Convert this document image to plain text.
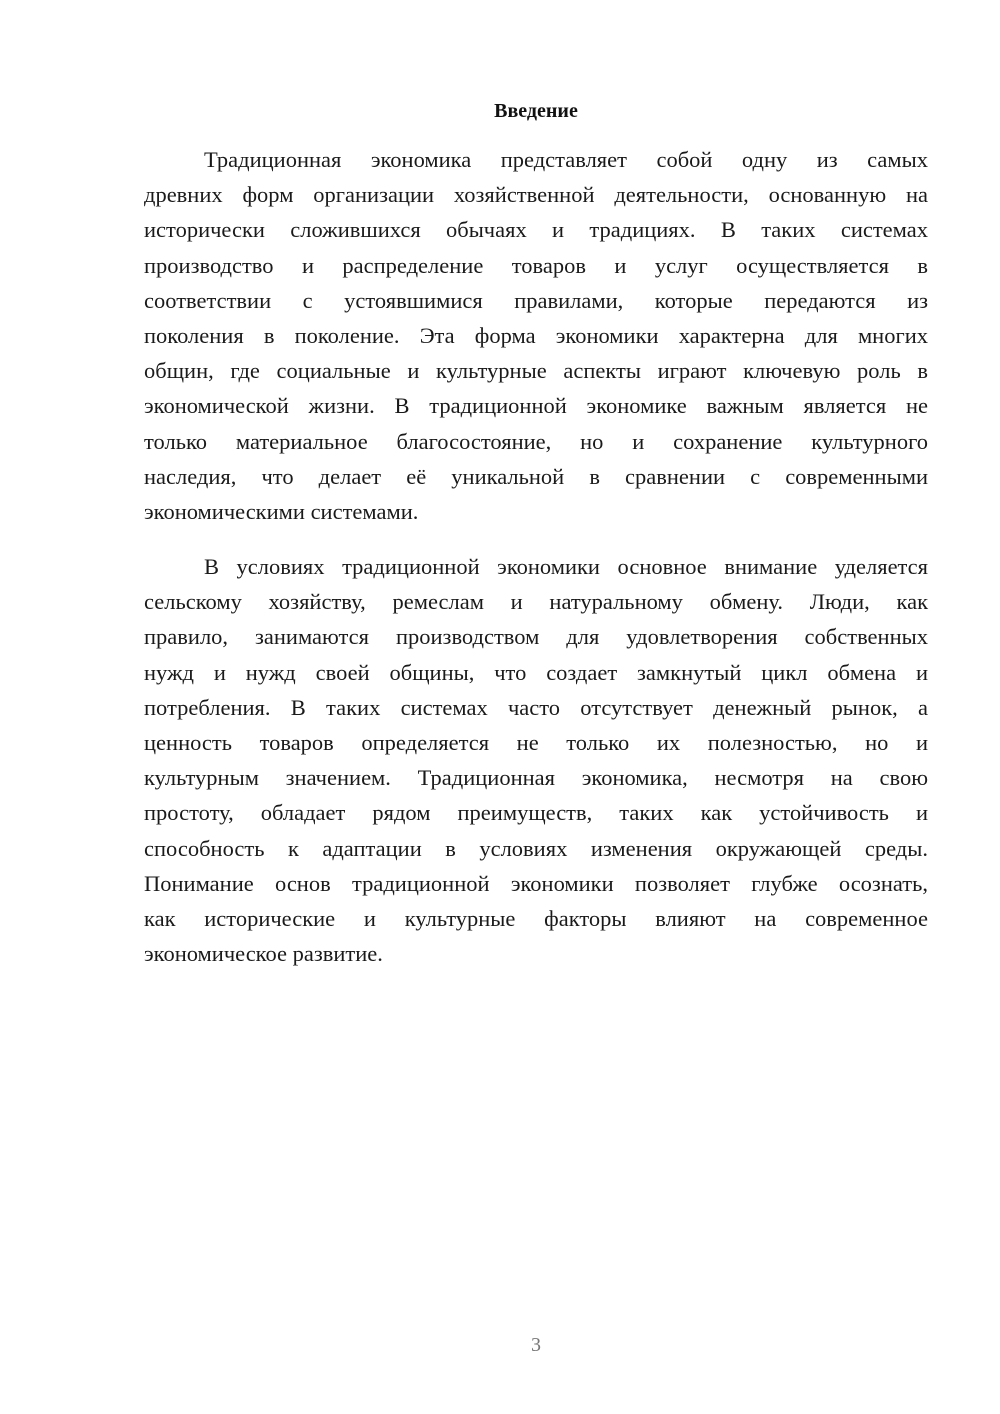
Введение
Традиционная экономика представляет собой одну из самых
древних форм организации хозяйственной деятельности, основанную на
исторически сложившихся обычаях и традициях. В таких системах
производство и распределение товаров и услуг осуществляется в
соответствии с устоявшимися правилами, которые передаются из
поколения в поколение. Эта форма экономики характерна для многих
общин, где социальные и культурные аспекты играют ключевую роль в
экономической жизни. В традиционной экономике важным является не
только материальное благосостояние, но и сохранение культурного
наследия, что делает её уникальной в сравнении с современными
экономическими системами.
В условиях традиционной экономики основное внимание уделяется
сельскому хозяйству, ремеслам и натуральному обмену. Люди, как
правило, занимаются производством для удовлетворения собственных
нужд и нужд своей общины, что создает замкнутый цикл обмена и
потребления. В таких системах часто отсутствует денежный рынок, а
ценность товаров определяется не только их полезностью, но и
культурным значением. Традиционная экономика, несмотря на свою
простоту, обладает рядом преимуществ, таких как устойчивость и
способность к адаптации в условиях изменения окружающей среды.
Понимание основ традиционной экономики позволяет глубже осознать,
как исторические и культурные факторы влияют на современное
экономическое развитие.
3
